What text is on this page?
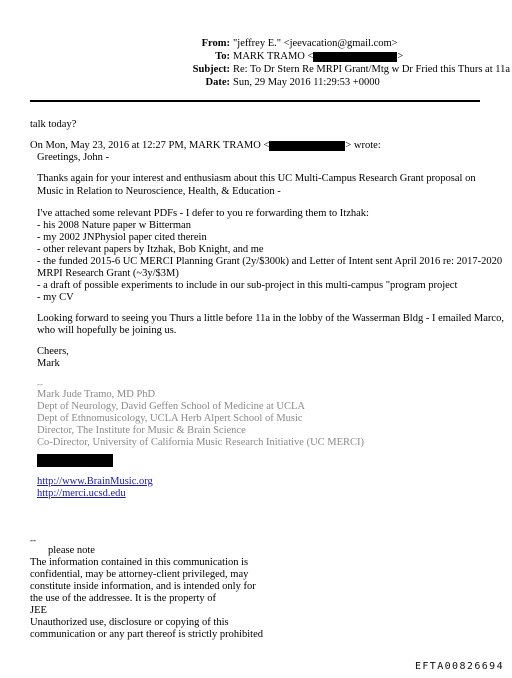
From: "jeffrey E." <jeevacation@gmail.com>
To: MARK TRAMO <	>
Subject: Re: To Dr Stern Re MRPI Grant/Mtg w Dr Fried this Thurs at 11a
Date: Sun, 29 May 2016 11:29:53 +0000
talk today?
On Mon, May 23, 2016 at 12:27 PM, MARK TRAMO <	> wrote:
Greetings, John -
Thanks again for your interest and enthusiasm about this UC Multi-Campus Research Grant proposal on
Music in Relation to Neuroscience, Health, & Education -
I've attached some relevant PDFs - I defer to you re forwarding them to Itzhak:
- his 2008 Nature paper w Bitterman
- my 2002 JNPhysiol paper cited therein
- other relevant papers by Itzhak, Bob Knight, and me
- the funded 2015-6 UC MERCI Planning Grant (2y/$300k) and Letter of Intent sent April 2016 re: 2017-2020
MRPI Research Grant (~3y/$3M)
- a draft of possible experiments to include in our sub-project in this multi-campus "program project
- my CV
Looking forward to seeing you Thurs a little before 11a in the lobby of the Wasserman Bldg - I emailed Marco,
who will hopefully be joining us.
Cheers,
Mark
--
Mark Jude Tramo, MD PhD
Dept of Neurology, David Geffen School of Medicine at UCLA
Dept of Ethnomusicology, UCLA Herb Alpert School of Music
Director, The Institute for Music & Brain Science
Co-Director, University of California Music Research Initiative (UC MERCI)
http://www.BrainMusic.org
http://merci.ucsd.edu
--
please note
The information contained in this communication is
confidential, may be attorney-client privileged, may
constitute inside information, and is intended only for
the use of the addressee. It is the property of
JEE
Unauthorized use, disclosure or copying of this
communication or any part thereof is strictly prohibited
EFTA00826694
